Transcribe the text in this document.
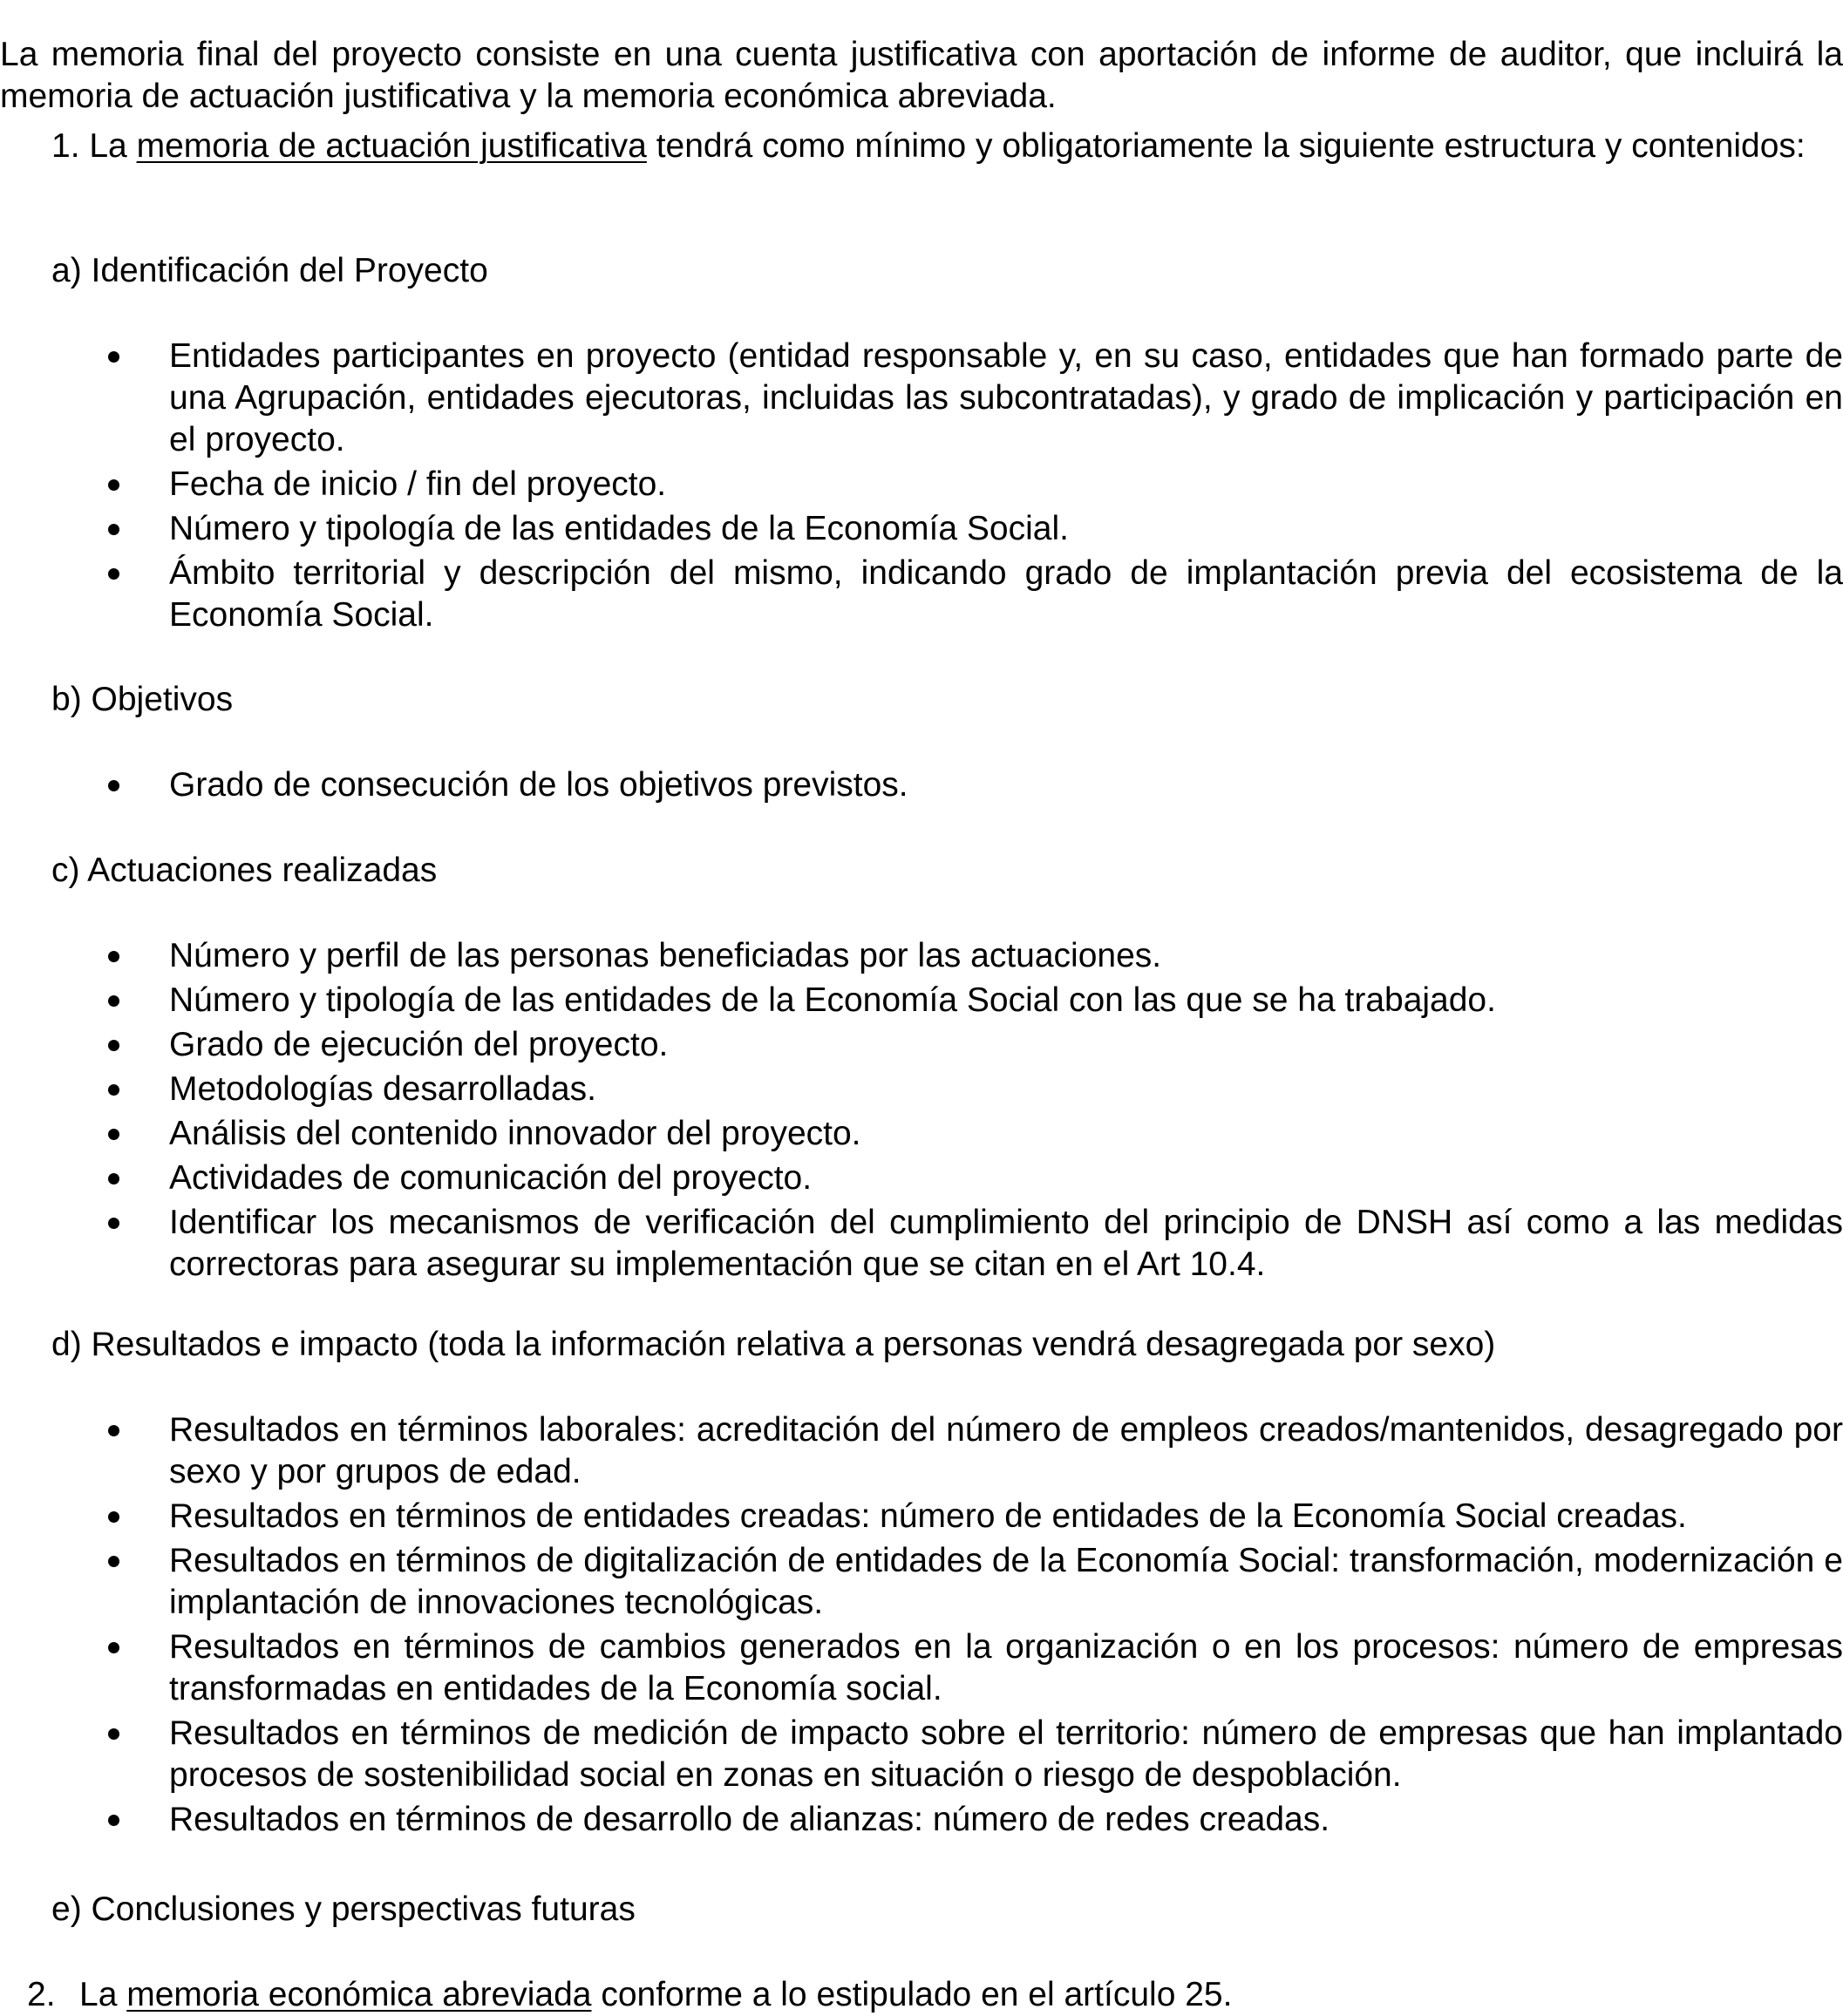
La memoria final del proyecto consiste en una cuenta justificativa con aportación de informe de auditor, que incluirá la memoria de actuación justificativa y la memoria económica abreviada.

1. La memoria de actuación justificativa tendrá como mínimo y obligatoriamente la siguiente estructura y contenidos:

a) Identificación del Proyecto
Entidades participantes en proyecto (entidad responsable y, en su caso, entidades que han formado parte de una Agrupación, entidades ejecutoras, incluidas las subcontratadas), y grado de implicación y participación en el proyecto.
Fecha de inicio / fin del proyecto.
Número y tipología de las entidades de la Economía Social.
Ámbito territorial y descripción del mismo, indicando grado de implantación previa del ecosistema de la Economía Social.
b) Objetivos
Grado de consecución de los objetivos previstos.
c) Actuaciones realizadas
Número y perfil de las personas beneficiadas por las actuaciones.
Número y tipología de las entidades de la Economía Social con las que se ha trabajado.
Grado de ejecución del proyecto.
Metodologías desarrolladas.
Análisis del contenido innovador del proyecto.
Actividades de comunicación del proyecto.
Identificar los mecanismos de verificación del cumplimiento del principio de DNSH así como a las medidas correctoras para asegurar su implementación que se citan en el Art 10.4.
d) Resultados e impacto (toda la información relativa a personas vendrá desagregada por sexo)
Resultados en términos laborales: acreditación del número de empleos creados/mantenidos, desagregado por sexo y por grupos de edad.
Resultados en términos de entidades creadas: número de entidades de la Economía Social creadas.
Resultados en términos de digitalización de entidades de la Economía Social: transformación, modernización e implantación de innovaciones tecnológicas.
Resultados en términos de cambios generados en la organización o en los procesos: número de empresas transformadas en entidades de la Economía social.
Resultados en términos de medición de impacto sobre el territorio: número de empresas que han implantado procesos de sostenibilidad social en zonas en situación o riesgo de despoblación.
Resultados en términos de desarrollo de alianzas: número de redes creadas.
e) Conclusiones y perspectivas futuras
2. La memoria económica abreviada conforme a lo estipulado en el artículo 25.
